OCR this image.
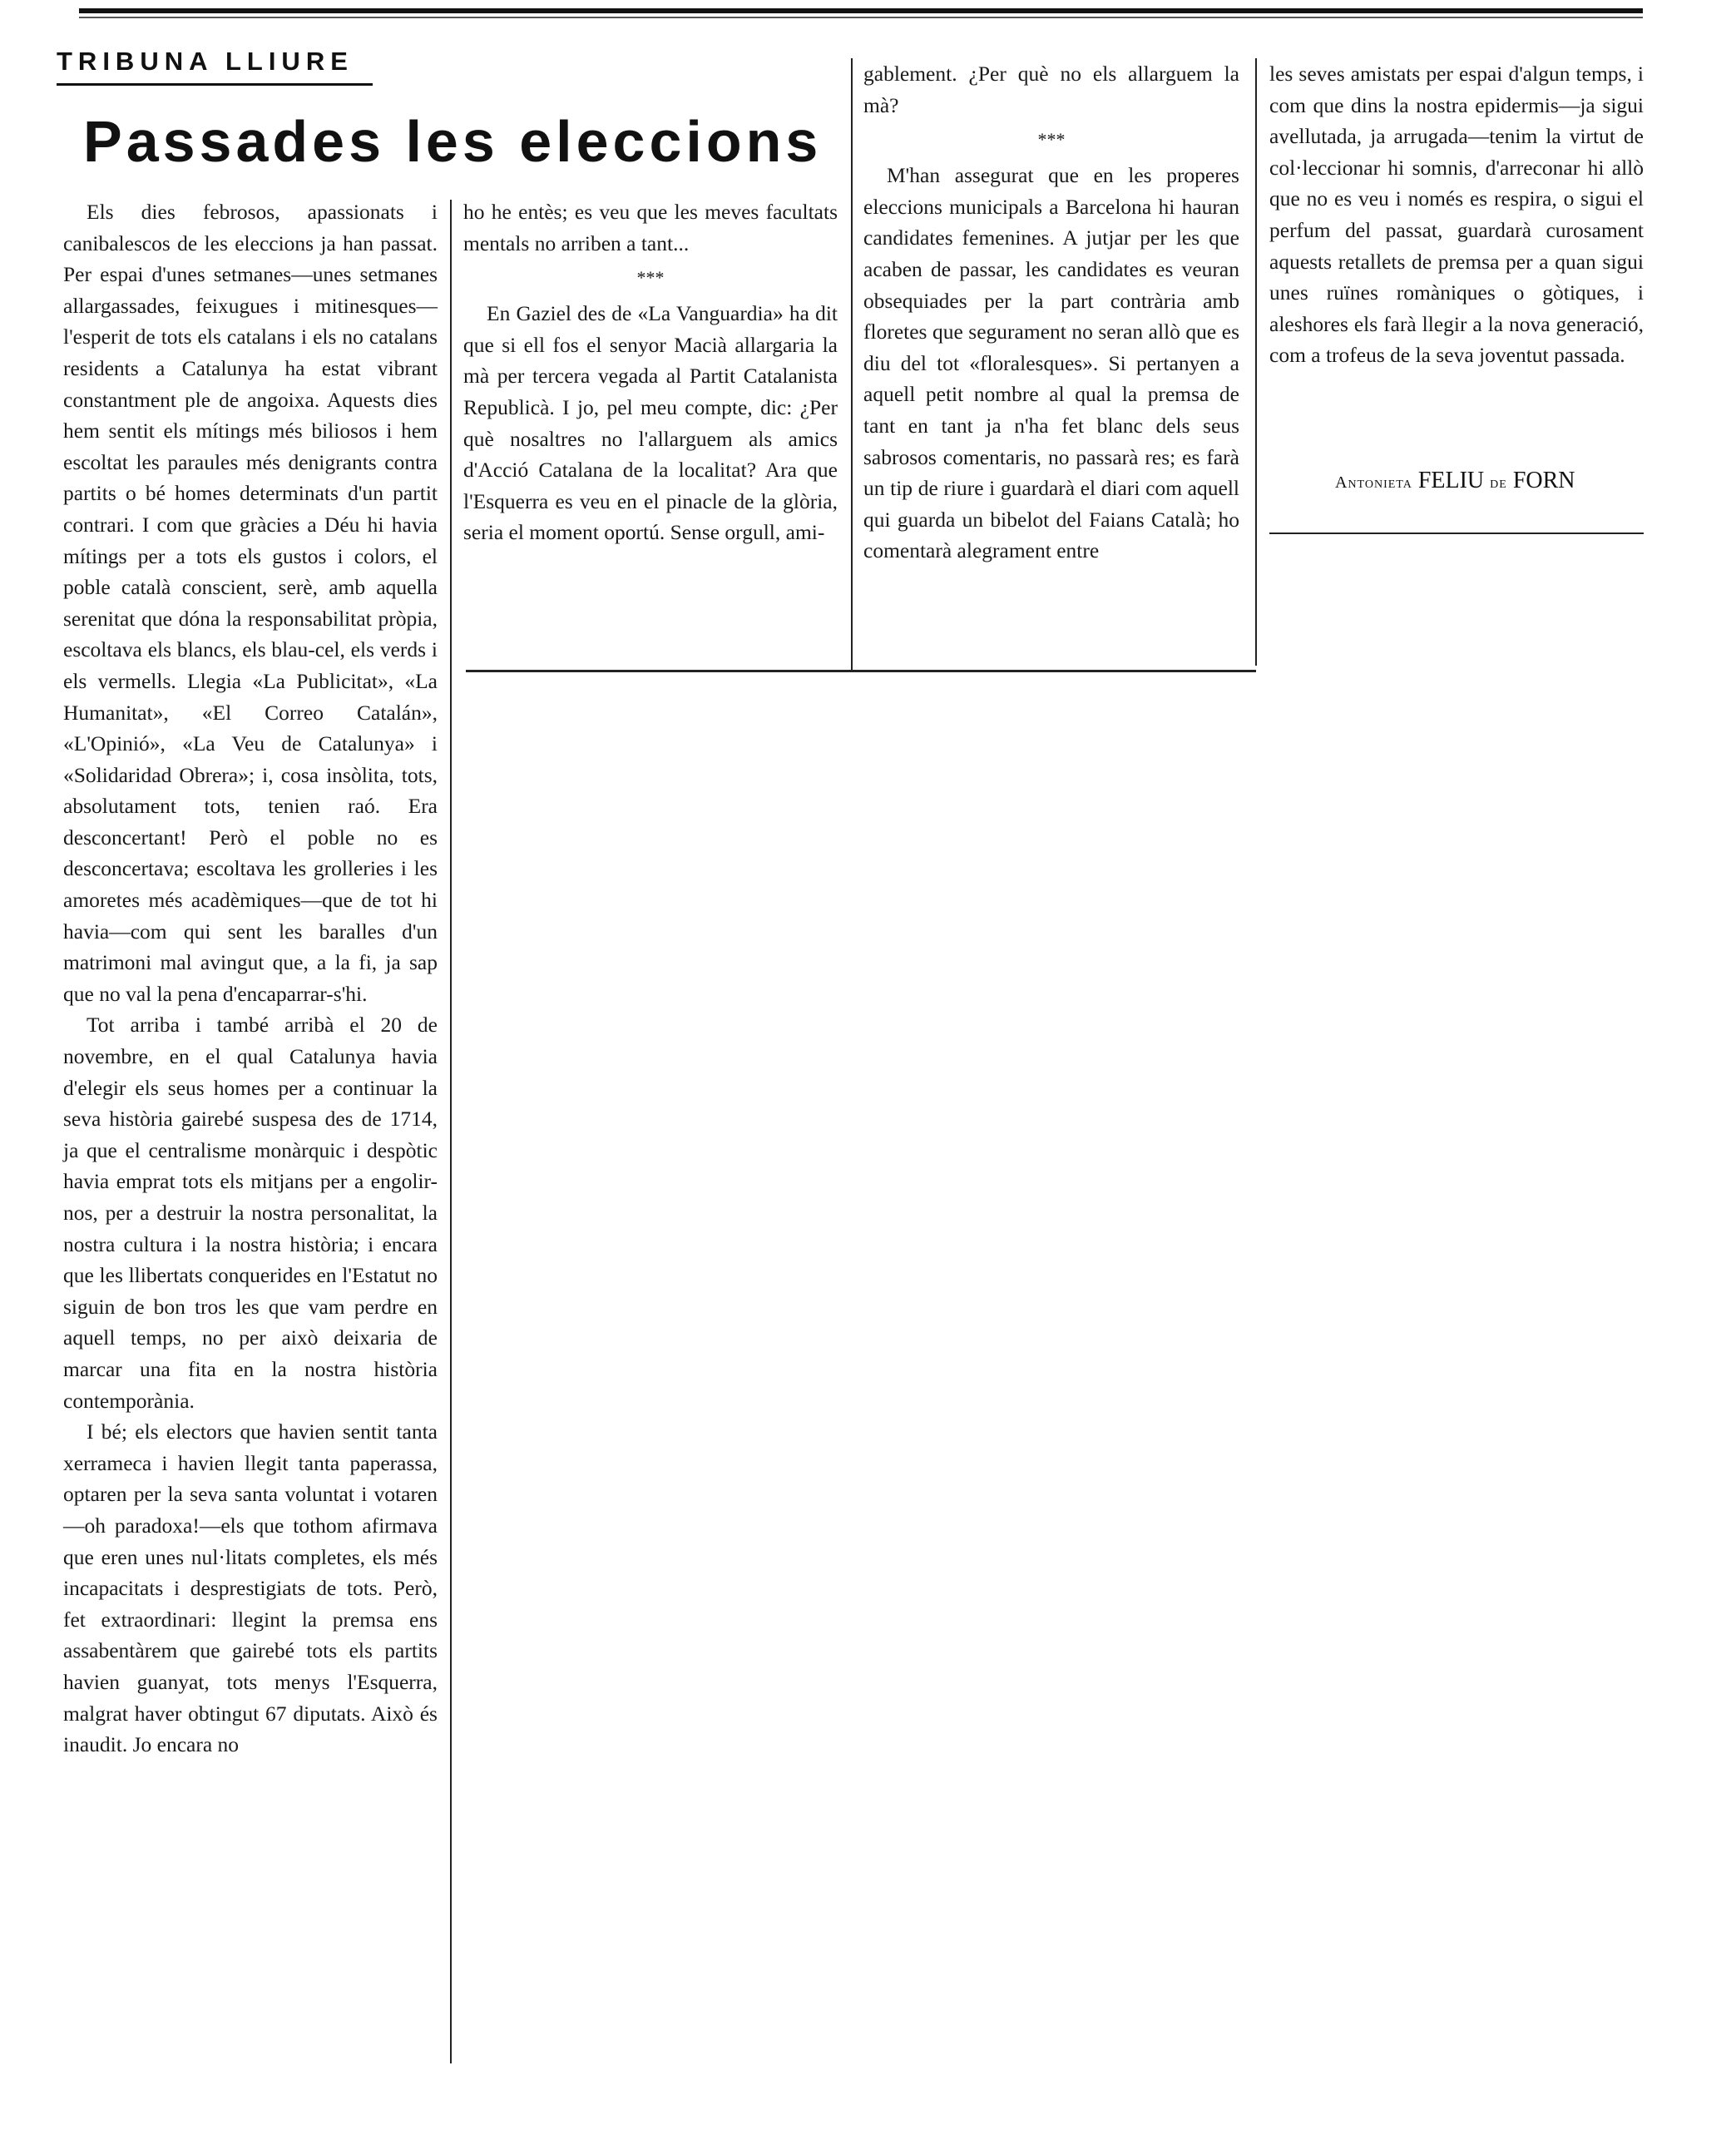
TRIBUNA LLIURE
Passades les eleccions

Els dies febrosos, apassionats i canibalescos de les eleccions ja han passat. Per espai d'unes setmanes—unes setmanes allargassades, feixugues i mitinesques—l'esperit de tots els catalans i els no catalans residents a Catalunya ha estat vibrant constantment ple de angoixa. Aquests dies hem sentit els mítings més biliosos i hem escoltat les paraules més denigrants contra partits o bé homes determinats d'un partit contrari. I com que gràcies a Déu hi havia mítings per a tots els gustos i colors, el poble català conscient, serè, amb aquella serenitat que dóna la responsabilitat pròpia, escoltava els blancs, els blau-cel, els verds i els vermells. Llegia «La Publicitat», «La Humanitat», «El Correo Catalán», «L'Opinió», «La Veu de Catalunya» i «Solidaridad Obrera»; i, cosa insòlita, tots, absolutament tots, tenien raó. Era desconcertant! Però el poble no es desconcertava; escoltava les grolleries i les amoretes més acadèmiques—que de tot hi havia—com qui sent les baralles d'un matrimoni mal avingut que, a la fi, ja sap que no val la pena d'encaparrar-s'hi.

Tot arriba i també arribà el 20 de novembre, en el qual Catalunya havia d'elegir els seus homes per a continuar la seva història gairebé suspesa des de 1714, ja que el centralisme monàrquic i despòtic havia emprat tots els mitjans per a engolir-nos, per a destruir la nostra personalitat, la nostra cultura i la nostra història; i encara que les llibertats conquerides en l'Estatut no siguin de bon tros les que vam perdre en aquell temps, no per això deixaria de marcar una fita en la nostra història contemporània.

I bé; els electors que havien sentit tanta xerrameca i havien llegit tanta paperassa, optaren per la seva santa voluntat i votaren—oh paradoxa!—els que tothom afirmava que eren unes nul·litats completes, els més incapacitats i desprestigiats de tots. Però, fet extraordinari: llegint la premsa ens assabentàrem que gairebé tots els partits havien guanyat, tots menys l'Esquerra, malgrat haver obtingut 67 diputats. Això és inaudit. Jo encara no

ho he entès; es veu que les meves facultats mentals no arriben a tant...

***

En Gaziel des de «La Vanguardia» ha dit que si ell fos el senyor Macià allargaria la mà per tercera vegada al Partit Catalanista Republicà. I jo, pel meu compte, dic: ¿Per què nosaltres no l'allarguem als amics d'Acció Catalana de la localitat? Ara que l'Esquerra es veu en el pinacle de la glòria, seria el moment oportú. Sense orgull, ami-

gablement. ¿Per què no els allarguem la mà?

***

M'han assegurat que en les properes eleccions municipals a Barcelona hi hauran candidates femenines. A jutjar per les que acaben de passar, les candidates es veuran obsequiades per la part contrària amb floretes que segurament no seran allò que es diu del tot «floralesques». Si pertanyen a aquell petit nombre al qual la premsa de tant en tant ja n'ha fet blanc dels seus sabrosos comentaris, no passarà res; es farà un tip de riure i guardarà el diari com aquell qui guarda un bibelot del Faians Català; ho comentarà alegrament entre

les seves amistats per espai d'algun temps, i com que dins la nostra epidermis—ja sigui avellutada, ja arrugada—tenim la virtut de col·leccionar hi somnis, d'arreconar hi allò que no es veu i només es respira, o sigui el perfum del passat, guardarà curosament aquests retallets de premsa per a quan sigui unes ruïnes romàniques o gòtiques, i aleshores els farà llegir a la nova generació, com a trofeus de la seva joventut passada.

Antonieta FELIU de FORN
